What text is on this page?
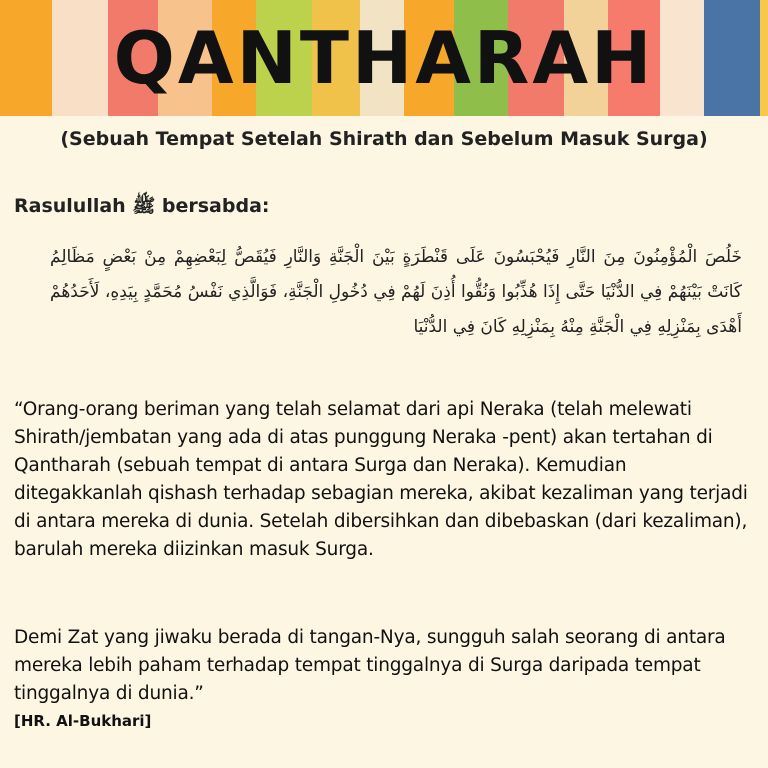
QANTHARAH
(Sebuah Tempat Setelah Shirath dan Sebelum Masuk Surga)
Rasulullah ﷺ bersabda:
خَلُصَ الْمُؤْمِنُونَ مِنَ النَّارِ فَيُحْبَسُونَ عَلَى قَنْطَرَةٍ بَيْنَ الْجَنَّةِ وَالنَّارِ فَيُقَصُّ لِبَعْضِهِمْ مِنْ بَعْضٍ مَظَالِمُ كَانَتْ بَيْنَهُمْ فِي الدُّنْيَا حَتَّى إِذَا هُذِّبُوا وَنُقُّوا أُذِنَ لَهُمْ فِي دُخُولِ الْجَنَّةِ، فَوَالَّذِي نَفْسُ مُحَمَّدٍ بِيَدِهِ، لَأَحَدُهُمْ أَهْدَى بِمَنْزِلِهِ فِي الْجَنَّةِ مِنْهُ بِمَنْزِلِهِ كَانَ فِي الدُّنْيَا
“Orang-orang beriman yang telah selamat dari api Neraka (telah melewati Shirath/jembatan yang ada di atas punggung Neraka -pent) akan tertahan di Qantharah (sebuah tempat di antara Surga dan Neraka). Kemudian ditegakkanlah qishash terhadap sebagian mereka, akibat kezaliman yang terjadi di antara mereka di dunia. Setelah dibersihkan dan dibebaskan (dari kezaliman), barulah mereka diizinkan masuk Surga.
Demi Zat yang jiwaku berada di tangan-Nya, sungguh salah seorang di antara mereka lebih paham terhadap tempat tinggalnya di Surga daripada tempat tinggalnya di dunia.”
[HR. Al-Bukhari]
